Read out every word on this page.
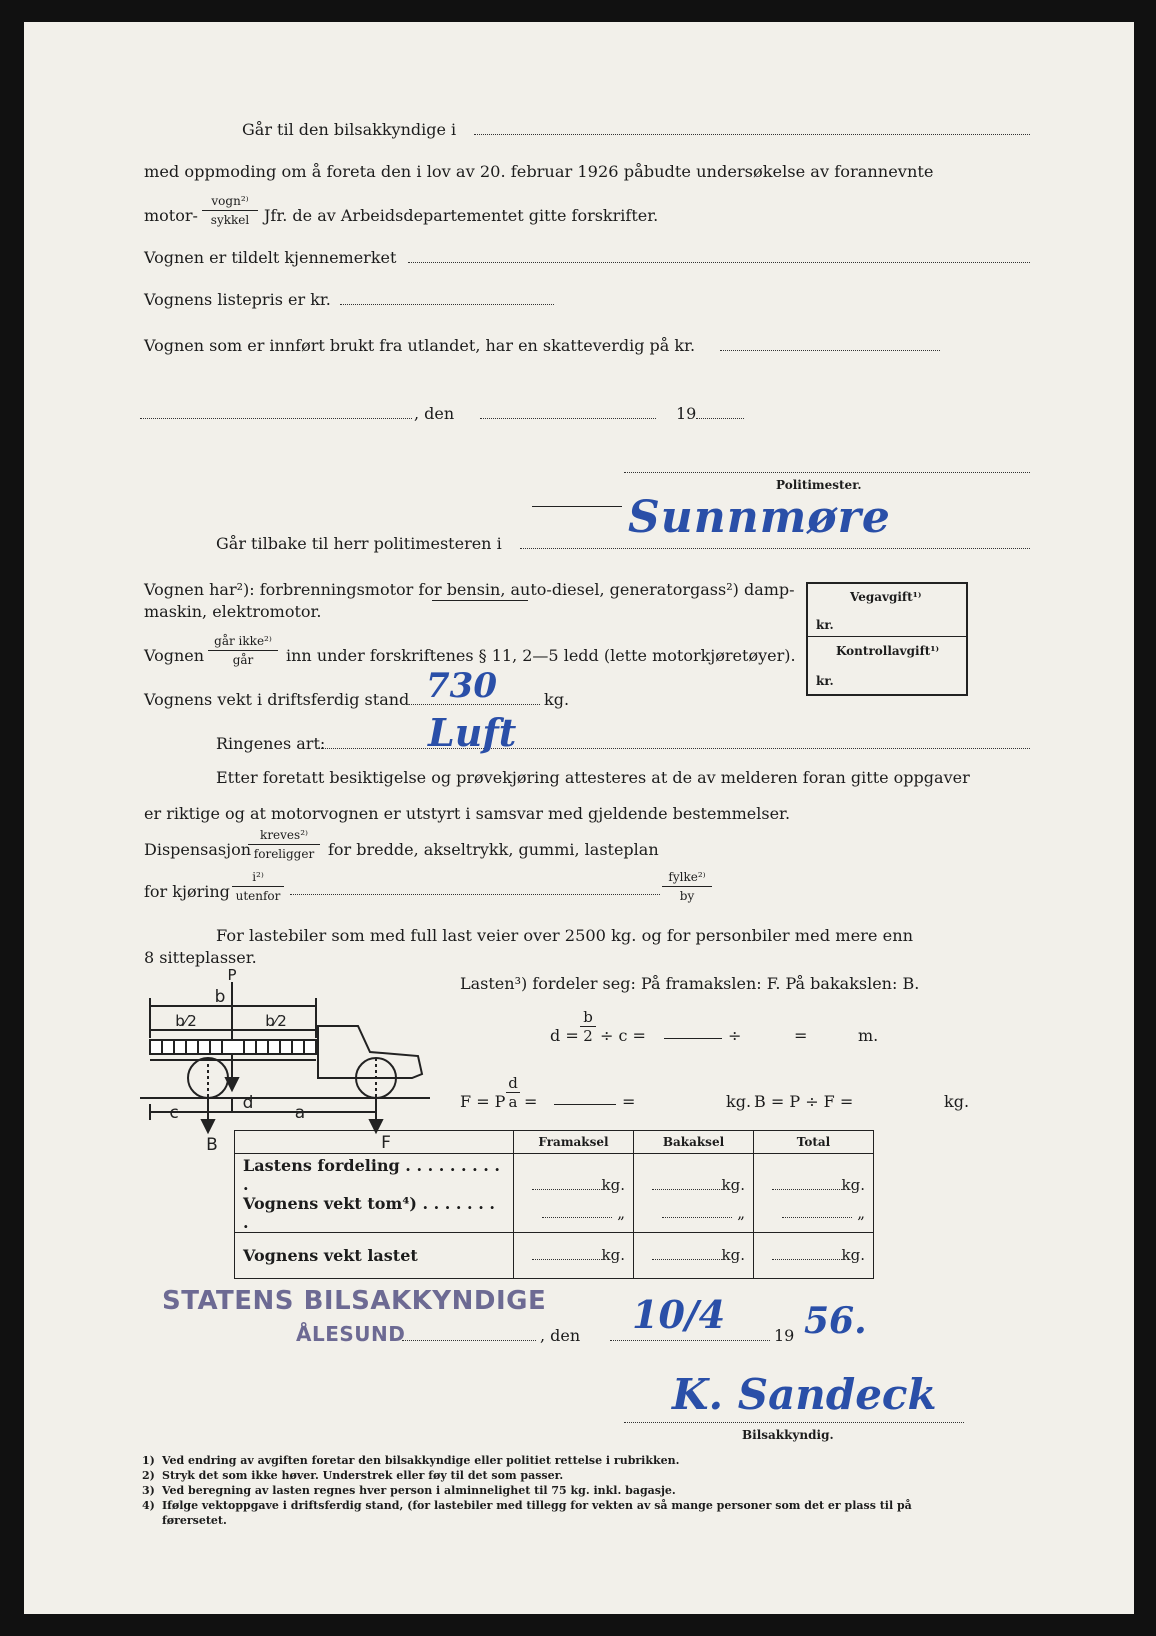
Går til den bilsakkyndige i
med oppmoding om å foreta den i lov av 20. februar 1926 påbudte undersøkelse av forannevnte
motor-
vogn²⁾
sykkel Jfr. de av Arbeidsdepartementet gitte forskrifter.
Vognen er tildelt kjennemerket
Vognens listepris er kr.
Vognen som er innført brukt fra utlandet, har en skatteverdig på kr.
, den	19
Politimester.
Går tilbake til herr politimesteren i
Sunnmøre
Vognen har²): forbrenningsmotor for bensin, auto-diesel, generatorgass²) damp-
maskin, elektromotor.
Vegavgift¹⁾
kr.
Kontrollavgift¹⁾
kr.
Vognen
går ikke²⁾
går	inn under forskriftenes § 11, 2—5 ledd (lette motorkjøretøyer).
Vognens vekt i driftsferdig stand 730	kg.
Ringenes art:	Luft
Etter foretatt besiktigelse og prøvekjøring attesteres at de av melderen foran gitte oppgaver
er riktige og at motorvognen er utstyrt i samsvar med gjeldende bestemmelser.
Dispensasjon
kreves²⁾
foreligger for bredde, akseltrykk, gummi, lasteplan
for kjøring
i²⁾
utenfor
fylke²⁾
by
For lastebiler som med full last veier over 2500 kg. og for personbiler med mere enn
8 sitteplasser.
P
b
b⁄2	b⁄2
c	d a
B	F
Lasten³) fordeler seg: På framakslen: F. På bakakslen: B.
d =
b
2 ÷ c =	÷	=	m.
F = P
d
a =	=	kg. B = P ÷ F =	kg.
	Framaksel	Bakaksel	Total
Lastens fordeling . . . . . . . . . .	kg.	kg.	kg.
Vognens vekt tom⁴) . . . . . . . .	„	„	„
Vognens vekt lastet	kg.	kg.	kg.
STATENS BILSAKKYNDIGE
ÅLESUND	, den 10/4	19 56.
K. Sandeck
Bilsakkyndig.
1) Ved endring av avgiften foretar den bilsakkyndige eller politiet rettelse i rubrikken.
2) Stryk det som ikke høver. Understrek eller føy til det som passer.
3) Ved beregning av lasten regnes hver person i alminnelighet til 75 kg. inkl. bagasje.
4) Ifølge vektoppgave i driftsferdig stand, (for lastebiler med tillegg for vekten av så mange personer som det er plass til på
førersetet.
